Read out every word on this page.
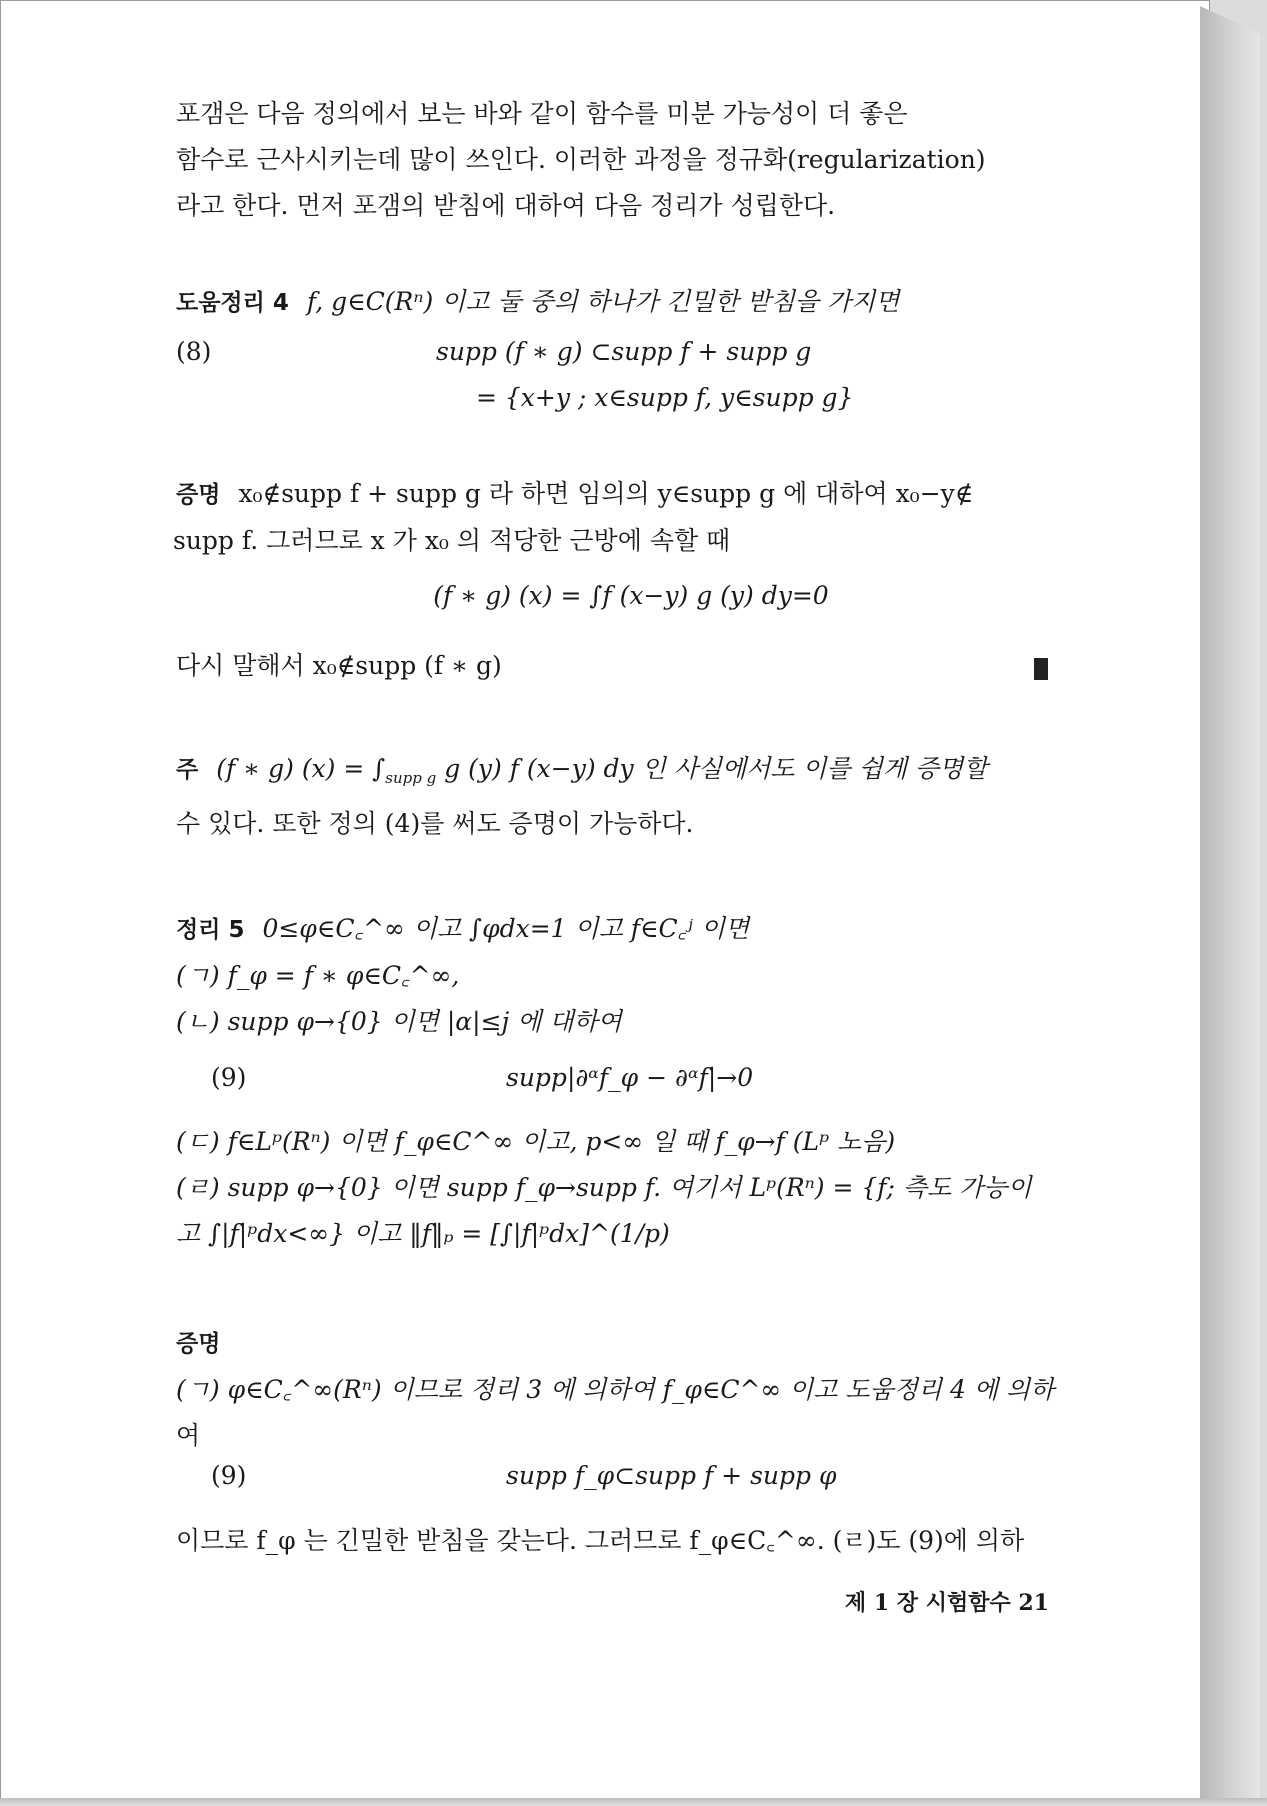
포갬은 다음 정의에서 보는 바와 같이 함수를 미분 가능성이 더 좋은
함수로 근사시키는데 많이 쓰인다. 이러한 과정을 정규화(regularization)
라고 한다. 먼저 포갬의 받침에 대하여 다음 정리가 성립한다.
도움정리 4 f, g∈C(Rⁿ) 이고 둘 중의 하나가 긴밀한 받침을 가지면
(8)	supp (f ∗ g) ⊂supp f + supp g
= {x+y ; x∈supp f, y∈supp g}
증명 x₀∉supp f + supp g 라 하면 임의의 y∈supp g 에 대하여 x₀−y∉
supp f. 그러므로 x 가 x₀ 의 적당한 근방에 속할 때
(f ∗ g) (x) = ∫f (x−y) g (y) dy=0
다시 말해서 x₀∉supp (f ∗ g)
주 (f ∗ g) $(x) = \int_{supp g}$ g (y) f (x−y) dy 인 사실에서도 이를 쉽게 증명할
수 있다. 또한 정의 (4)를 써도 증명이 가능하다.
정리 5 0≤φ∈C꜀^∞ 이고 ∫φdx=1 이고 f∈C꜀ʲ 이면
(ㄱ) f_φ = f ∗ φ∈C꜀^∞,
(ㄴ) supp φ→{0} 이면 |α|≤j 에 대하여
(9)	supp|∂ᵅf_φ − ∂ᵅf|→0
(ㄷ) f∈Lᵖ(Rⁿ) 이면 f_φ∈C^∞ 이고, p<∞ 일 때 f_φ→f (Lᵖ 노음)
(ㄹ) supp φ→{0} 이면 supp f_φ→supp f. 여기서 Lᵖ(Rⁿ) = {f; 측도 가능이
고 ∫|f|ᵖdx<∞} 이고 ‖f‖ₚ = [∫|f|ᵖdx]^(1/p)
증명
(ㄱ) φ∈C꜀^∞(Rⁿ) 이므로 정리 3 에 의하여 f_φ∈C^∞ 이고 도움정리 4 에 의하
여
(9)	supp f_φ⊂supp f + supp φ
이므로 f_φ 는 긴밀한 받침을 갖는다. 그러므로 f_φ∈C꜀^∞. (ㄹ)도 (9)에 의하
제 1 장 시험함수 21
